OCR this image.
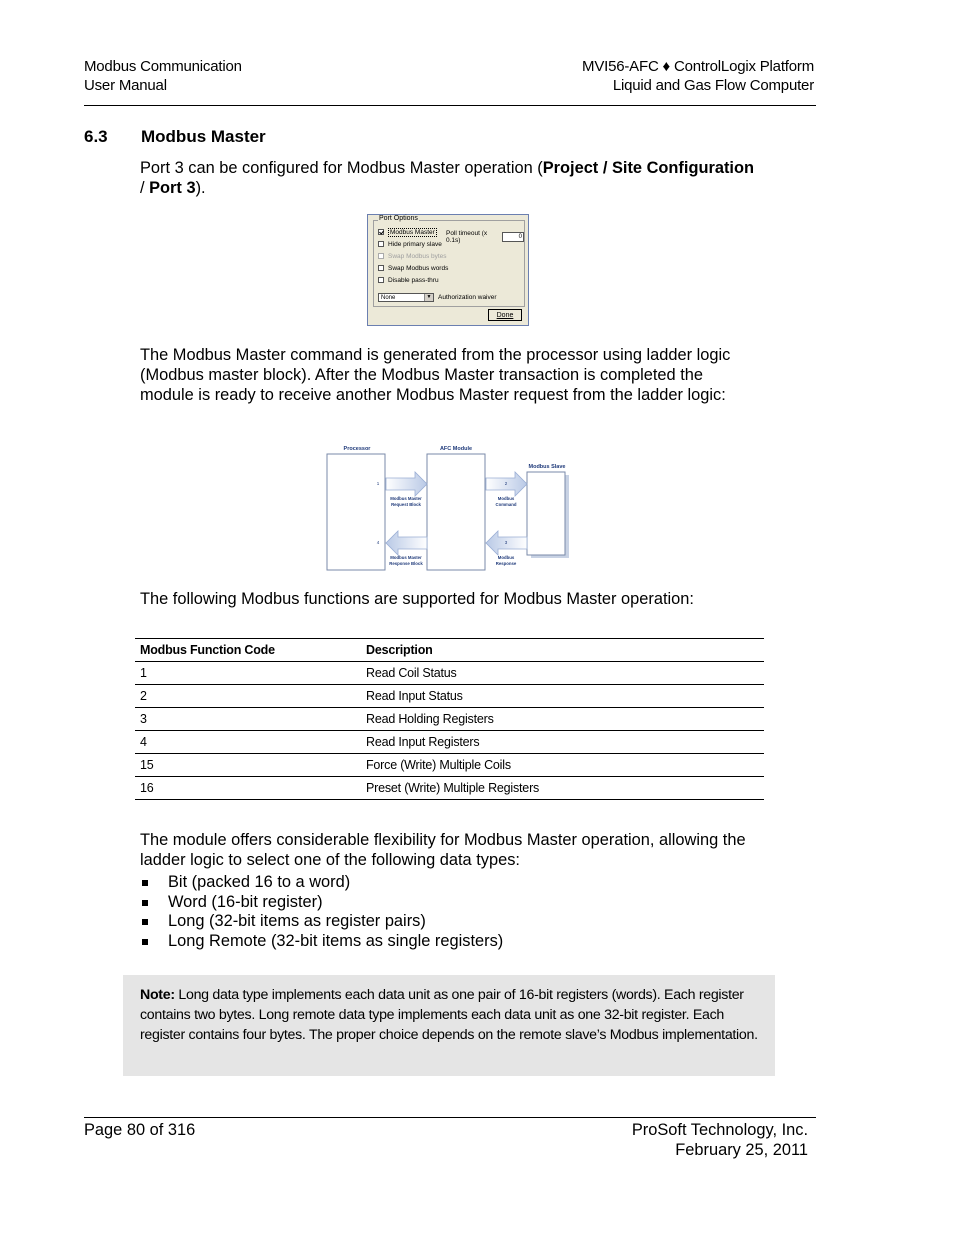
Modbus Communication
User Manual
MVI56-AFC ♦ ControlLogix Platform
Liquid and Gas Flow Computer
6.3 Modbus Master
Port 3 can be configured for Modbus Master operation (Project / Site Configuration / Port 3).
Port Options
Modbus Master
Hide primary slave
Swap Modbus bytes
Swap Modbus words
Disable pass-thru
Poll timeout (x 0.1s)	0
None	▼ Authorization waiver
Done
The Modbus Master command is generated from the processor using ladder logic (Modbus master block). After the Modbus Master transaction is completed the module is ready to receive another Modbus Master request from the ladder logic:
Processor	AFC Module
Modbus Slave
1
Modbus Master
Request Block
2
Modbus
Command
3
Modbus
Response
4
Modbus Master
Response Block
The following Modbus functions are supported for Modbus Master operation:
Modbus Function Code	Description
1	Read Coil Status
2	Read Input Status
3	Read Holding Registers
4	Read Input Registers
15	Force (Write) Multiple Coils
16	Preset (Write) Multiple Registers
The module offers considerable flexibility for Modbus Master operation, allowing the ladder logic to select one of the following data types:
Bit (packed 16 to a word)
Word (16-bit register)
Long (32-bit items as register pairs)
Long Remote (32-bit items as single registers)
Note: Long data type implements each data unit as one pair of 16-bit registers (words). Each register contains two bytes. Long remote data type implements each data unit as one 32-bit register. Each register contains four bytes. The proper choice depends on the remote slave’s Modbus implementation.
Page 80 of 316	ProSoft Technology, Inc.
February 25, 2011
